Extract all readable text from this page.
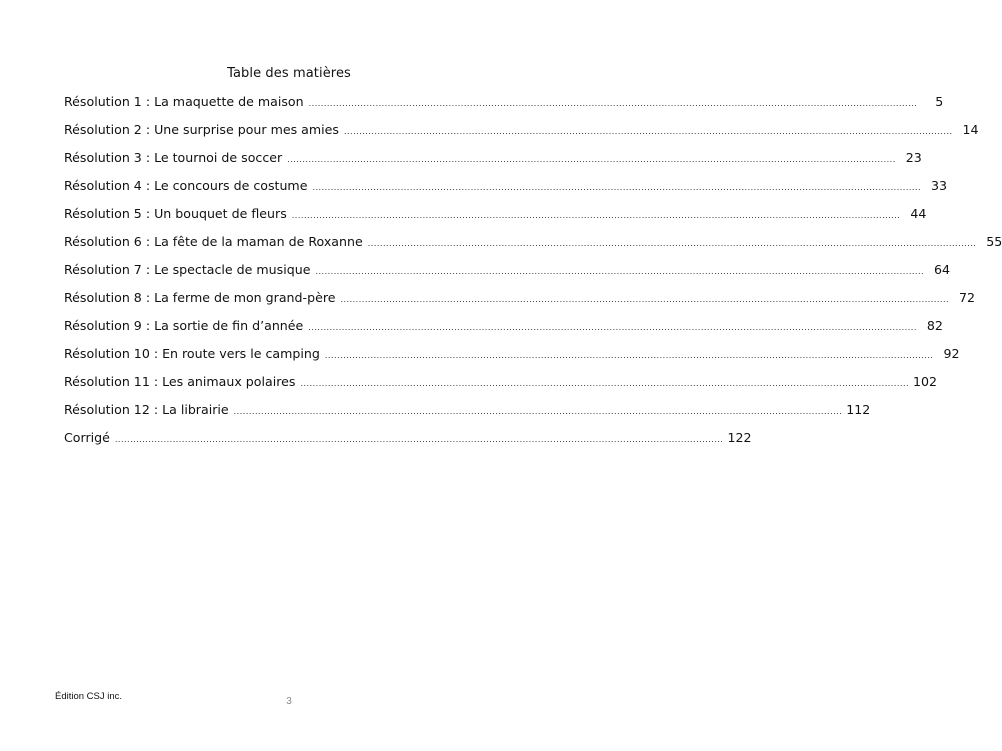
Table des matières
Résolution 1 : La maquette de maison ........................................................................................................................................................................................................	5
Résolution 2 : Une surprise pour mes amies ........................................................................................................................................................................................................ 14
Résolution 3 : Le tournoi de soccer ........................................................................................................................................................................................................ 23
Résolution 4 : Le concours de costume ........................................................................................................................................................................................................ 33
Résolution 5 : Un bouquet de fleurs ........................................................................................................................................................................................................ 44
Résolution 6 : La fête de la maman de Roxanne ........................................................................................................................................................................................................ 55
Résolution 7 : Le spectacle de musique ........................................................................................................................................................................................................ 64
Résolution 8 : La ferme de mon grand-père ........................................................................................................................................................................................................ 72
Résolution 9 : La sortie de fin d’année ........................................................................................................................................................................................................ 82
Résolution 10 : En route vers le camping ........................................................................................................................................................................................................ 92
Résolution 11 : Les animaux polaires ........................................................................................................................................................................................................ 102
Résolution 12 : La librairie ........................................................................................................................................................................................................ 112
Corrigé ........................................................................................................................................................................................................ 122
Édition CSJ inc.	3
